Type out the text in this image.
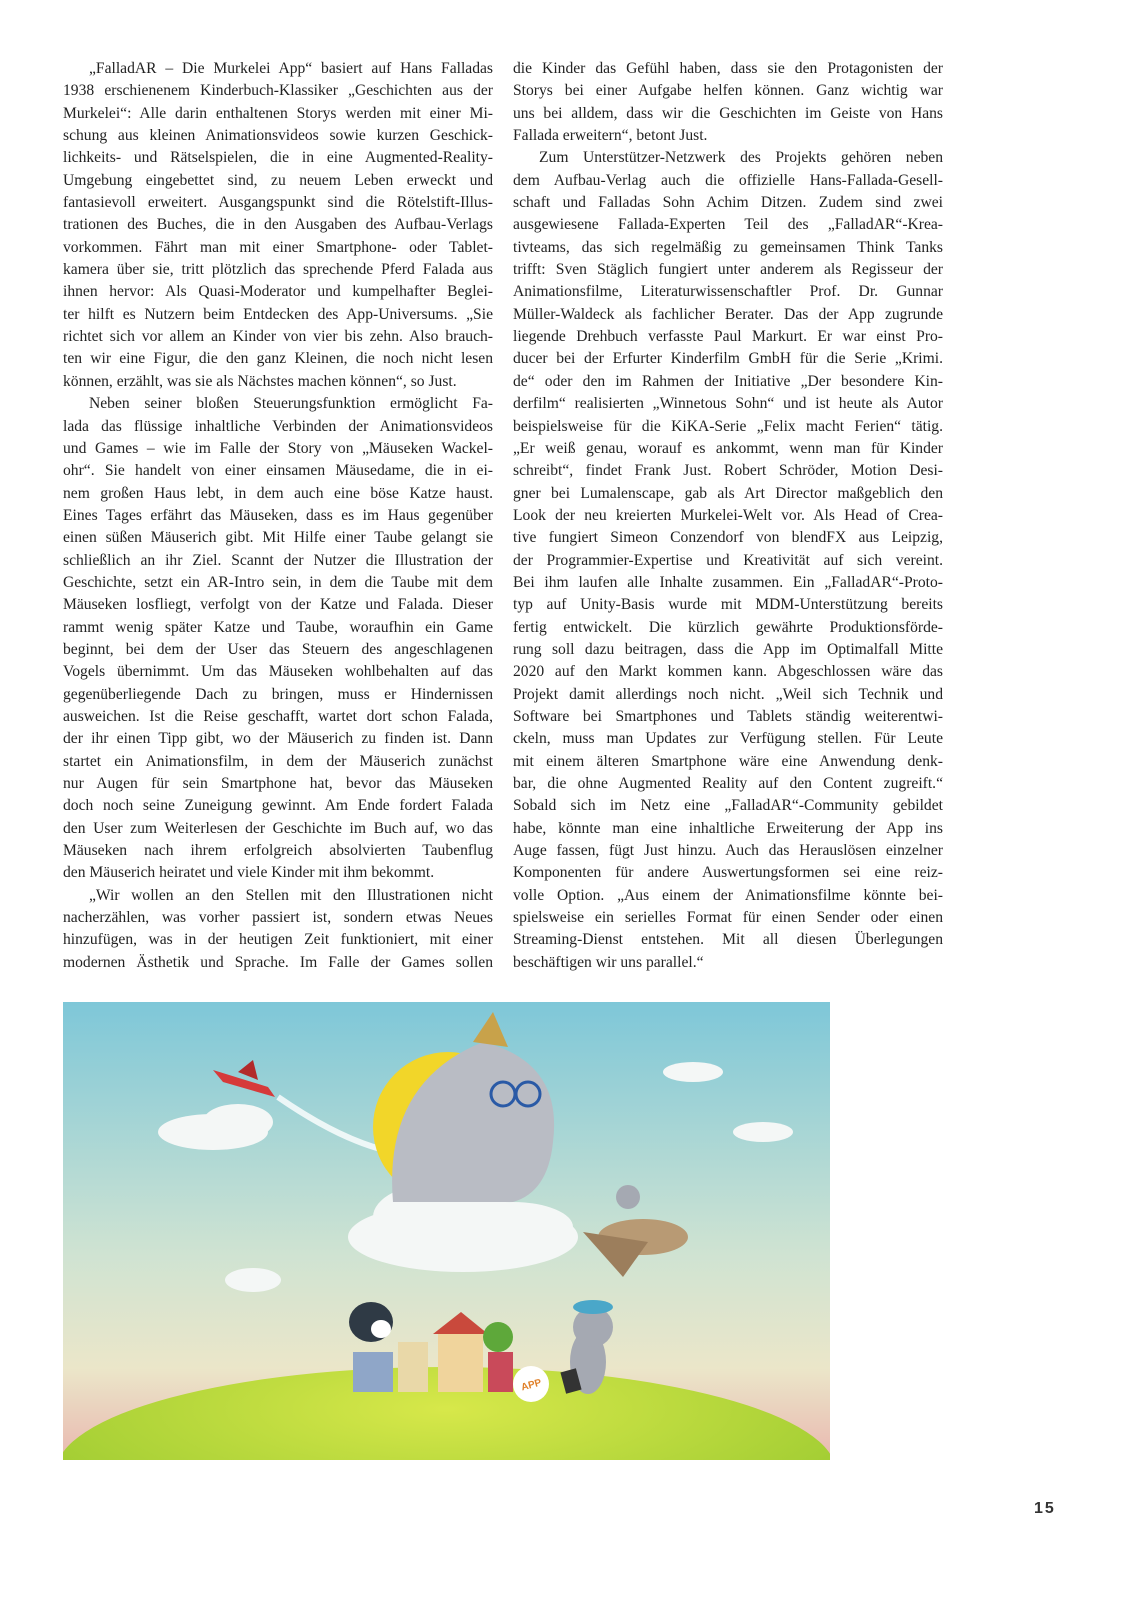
„FalladAR – Die Murkelei App“ basiert auf Hans Falladas
1938 erschienenem Kinderbuch-Klassiker „Geschichten aus der
Murkelei“: Alle darin enthaltenen Storys werden mit einer Mi-
schung aus kleinen Animationsvideos sowie kurzen Geschick-
lichkeits- und Rätselspielen, die in eine Augmented-Reality-
Umgebung eingebettet sind, zu neuem Leben erweckt und
fantasievoll erweitert. Ausgangspunkt sind die Rötelstift-Illus-
trationen des Buches, die in den Ausgaben des Aufbau-Verlags
vorkommen. Fährt man mit einer Smartphone- oder Tablet-
kamera über sie, tritt plötzlich das sprechende Pferd Falada aus
ihnen hervor: Als Quasi-Moderator und kumpelhafter Beglei-
ter hilft es Nutzern beim Entdecken des App-Universums. „Sie
richtet sich vor allem an Kinder von vier bis zehn. Also brauch-
ten wir eine Figur, die den ganz Kleinen, die noch nicht lesen
können, erzählt, was sie als Nächstes machen können“, so Just.
Neben seiner bloßen Steuerungsfunktion ermöglicht Fa-
lada das flüssige inhaltliche Verbinden der Animationsvideos
und Games – wie im Falle der Story von „Mäuseken Wackel-
ohr“. Sie handelt von einer einsamen Mäusedame, die in ei-
nem großen Haus lebt, in dem auch eine böse Katze haust.
Eines Tages erfährt das Mäuseken, dass es im Haus gegenüber
einen süßen Mäuserich gibt. Mit Hilfe einer Taube gelangt sie
schließlich an ihr Ziel. Scannt der Nutzer die Illustration der
Geschichte, setzt ein AR-Intro sein, in dem die Taube mit dem
Mäuseken losfliegt, verfolgt von der Katze und Falada. Dieser
rammt wenig später Katze und Taube, woraufhin ein Game
beginnt, bei dem der User das Steuern des angeschlagenen
Vogels übernimmt. Um das Mäuseken wohlbehalten auf das
gegenüberliegende Dach zu bringen, muss er Hindernissen
ausweichen. Ist die Reise geschafft, wartet dort schon Falada,
der ihr einen Tipp gibt, wo der Mäuserich zu finden ist. Dann
startet ein Animationsfilm, in dem der Mäuserich zunächst
nur Augen für sein Smartphone hat, bevor das Mäuseken
doch noch seine Zuneigung gewinnt. Am Ende fordert Falada
den User zum Weiterlesen der Geschichte im Buch auf, wo das
Mäuseken nach ihrem erfolgreich absolvierten Taubenflug
den Mäuserich heiratet und viele Kinder mit ihm bekommt.
„Wir wollen an den Stellen mit den Illustrationen nicht
nacherzählen, was vorher passiert ist, sondern etwas Neues
hinzufügen, was in der heutigen Zeit funktioniert, mit einer
modernen Ästhetik und Sprache. Im Falle der Games sollen
die Kinder das Gefühl haben, dass sie den Protagonisten der
Storys bei einer Aufgabe helfen können. Ganz wichtig war
uns bei alldem, dass wir die Geschichten im Geiste von Hans
Fallada erweitern“, betont Just.
Zum Unterstützer-Netzwerk des Projekts gehören neben
dem Aufbau-Verlag auch die offizielle Hans-Fallada-Gesell-
schaft und Falladas Sohn Achim Ditzen. Zudem sind zwei
ausgewiesene Fallada-Experten Teil des „FalladAR“-Krea-
tivteams, das sich regelmäßig zu gemeinsamen Think Tanks
trifft: Sven Stäglich fungiert unter anderem als Regisseur der
Animationsfilme, Literaturwissenschaftler Prof. Dr. Gunnar
Müller-Waldeck als fachlicher Berater. Das der App zugrunde
liegende Drehbuch verfasste Paul Markurt. Er war einst Pro-
ducer bei der Erfurter Kinderfilm GmbH für die Serie „Krimi.
de“ oder den im Rahmen der Initiative „Der besondere Kin-
derfilm“ realisierten „Winnetous Sohn“ und ist heute als Autor
beispielsweise für die KiKA-Serie „Felix macht Ferien“ tätig.
„Er weiß genau, worauf es ankommt, wenn man für Kinder
schreibt“, findet Frank Just. Robert Schröder, Motion Desi-
gner bei Lumalenscape, gab als Art Director maßgeblich den
Look der neu kreierten Murkelei-Welt vor. Als Head of Crea-
tive fungiert Simeon Conzendorf von blendFX aus Leipzig,
der Programmier-Expertise und Kreativität auf sich vereint.
Bei ihm laufen alle Inhalte zusammen. Ein „FalladAR“-Proto-
typ auf Unity-Basis wurde mit MDM-Unterstützung bereits
fertig entwickelt. Die kürzlich gewährte Produktionsförde-
rung soll dazu beitragen, dass die App im Optimalfall Mitte
2020 auf den Markt kommen kann. Abgeschlossen wäre das
Projekt damit allerdings noch nicht. „Weil sich Technik und
Software bei Smartphones und Tablets ständig weiterentwi-
ckeln, muss man Updates zur Verfügung stellen. Für Leute
mit einem älteren Smartphone wäre eine Anwendung denk-
bar, die ohne Augmented Reality auf den Content zugreift.“
Sobald sich im Netz eine „FalladAR“-Community gebildet
habe, könnte man eine inhaltliche Erweiterung der App ins
Auge fassen, fügt Just hinzu. Auch das Herauslösen einzelner
Komponenten für andere Auswertungsformen sei eine reiz-
volle Option. „Aus einem der Animationsfilme könnte bei-
spielsweise ein serielles Format für einen Sender oder einen
Streaming-Dienst entstehen. Mit all diesen Überlegungen
beschäftigen wir uns parallel.“
APP
15
